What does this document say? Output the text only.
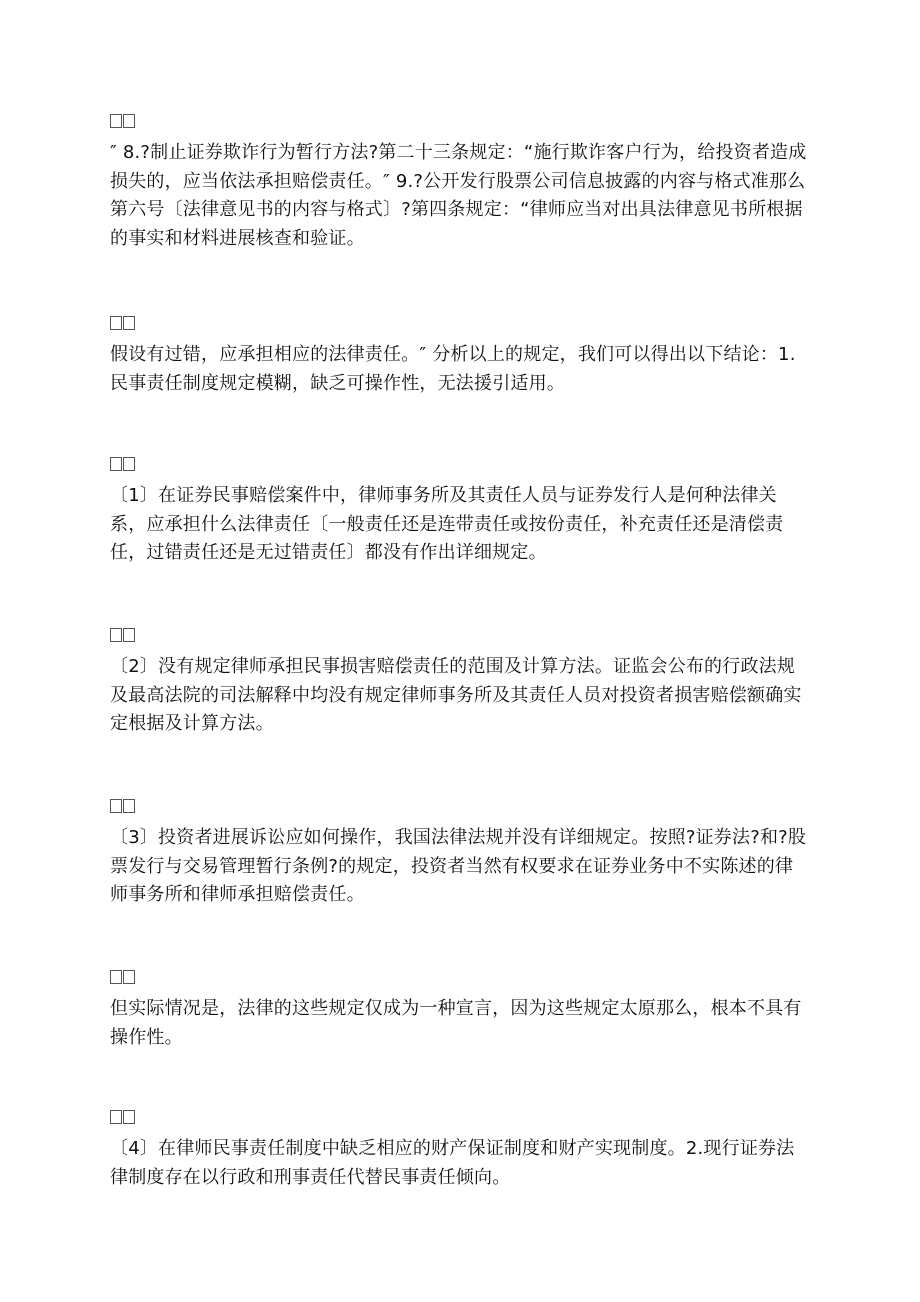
″ 8.?制止证券欺诈行为暂行方法?第二十三条规定：“施行欺诈客户行为，给投资者造成损失的，应当依法承担赔偿责任。″ 9.?公开发行股票公司信息披露的内容与格式准那么第六号〔法律意见书的内容与格式〕?第四条规定：“律师应当对出具法律意见书所根据的事实和材料进展核查和验证。

假设有过错，应承担相应的法律责任。″ 分析以上的规定，我们可以得出以下结论：1.民事责任制度规定模糊，缺乏可操作性，无法援引适用。

〔1〕在证券民事赔偿案件中，律师事务所及其责任人员与证券发行人是何种法律关系，应承担什么法律责任〔一般责任还是连带责任或按份责任，补充责任还是清偿责任，过错责任还是无过错责任〕都没有作出详细规定。

〔2〕没有规定律师承担民事损害赔偿责任的范围及计算方法。证监会公布的行政法规及最高法院的司法解释中均没有规定律师事务所及其责任人员对投资者损害赔偿额确实定根据及计算方法。

〔3〕投资者进展诉讼应如何操作，我国法律法规并没有详细规定。按照?证券法?和?股票发行与交易管理暂行条例?的规定，投资者当然有权要求在证券业务中不实陈述的律师事务所和律师承担赔偿责任。

但实际情况是，法律的这些规定仅成为一种宣言，因为这些规定太原那么，根本不具有操作性。

〔4〕在律师民事责任制度中缺乏相应的财产保证制度和财产实现制度。2.现行证券法律制度存在以行政和刑事责任代替民事责任倾向。
